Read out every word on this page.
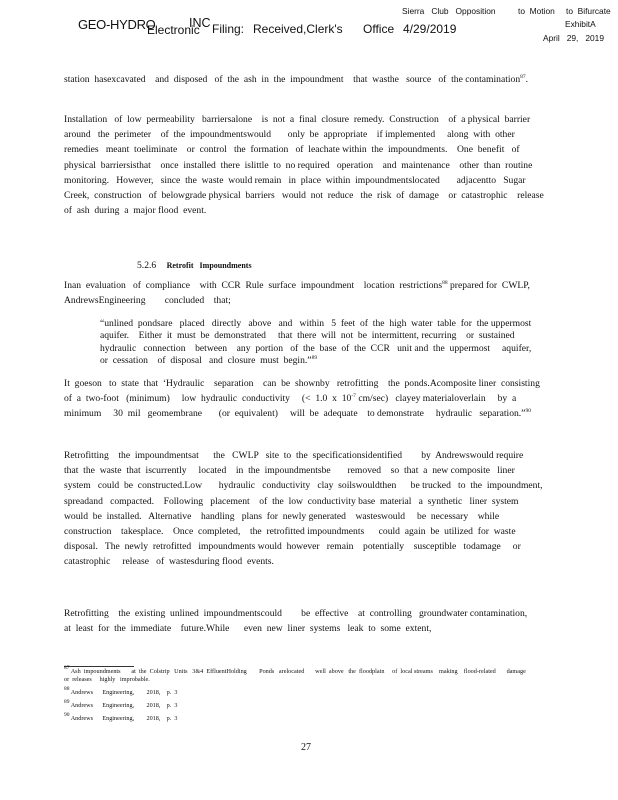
GEO-HYDRO	INC
Electronic Filing: Received,Clerk's Office 4/29/2019
Sierra   Club   Opposition	to  Motion to  Bifurcate
ExhibitA
April   29,   2019

station  hasexcavated    and  disposed   of  the  ash  in  the  impoundment    that  wasthe   source   of  the contamination$^{87}$.

Installation   of  low  permeability   barriersalone    is  not  a  final  closure  remedy.  Construction    of  a physical  barrier  around   the  perimeter    of  the  impoundmentswould       only  be  appropriate    if implemented     along  with  other  remedies   meant  toeliminate    or  control   the  formation   of  leachate within  the  impoundments.    One  benefit   of  physical  barriersisthat    once  installed  there  islittle  to  no required   operation    and  maintenance    other  than  routine  monitoring.   However,   since  the  waste  would remain   in  place  within  impoundmentslocated       adjacentto   Sugar  Creek,  construction   of  belowgrade physical  barriers   would  not  reduce   the  risk  of  damage    or  catastrophic    release   of  ash  during  a  major flood  event.

5.2.6 Retrofit   Impoundments

Inan  evaluation   of  compliance    with  CCR  Rule  surface  impoundment    location  restrictions$^{88}$ prepared for  CWLP,  AndrewsEngineering        concluded    that;

“unlined  pondsare   placed   directly   above   and   within   5  feet  of  the  high  water  table  for  the uppermost    aquifer.    Either  it  must  be  demonstrated     that  there  will  not  be  intermittent, recurring    or  sustained   hydraulic   connection    between    any  portion   of  the  base  of  the  CCR   unit and  the  uppermost     aquifer,    or  cessation    of  disposal   and  closure  must  begin.”$^{89}$

It  goeson   to  state  that  ‘Hydraulic    separation    can  be  shownby   retrofitting    the  ponds.Acomposite liner  consisting   of  a  two-foot   (minimum)     low  hydraulic  conductivity     (<  1.0  x  $10^{-7}$ cm/sec)   clayey materialoverlain     by  a  minimum     30  mil   geomembrane       (or  equivalent)     will  be  adequate    to demonstrate     hydraulic   separation.”$^{90}$

Retrofitting    the  impoundmentsat      the   CWLP   site  to  the  specificationsidentified        by  Andrewswould require   that  the  waste  that  iscurrently     located    in  the  impoundmentsbe       removed    so  that  a  new composite   liner  system   could  be  constructed.Low       hydraulic   conductivity   clay  soilswouldthen      be trucked   to  the  impoundment,     spreadand   compacted.    Following   placement    of  the  low  conductivity base  material   a  synthetic   liner  system   would  be  installed.   Alternative    handling   plans  for  newly generated    wasteswould     be  necessary    while  construction    takesplace.    Once  completed,    the  retrofitted impoundments      could  again  be  utilized  for  waste  disposal.   The  newly  retrofitted   impoundments would  however   remain    potentially    susceptible   todamage     or  catastrophic     release   of  wastesduring flood  events.

Retrofitting    the  existing  unlined  impoundmentscould        be  effective    at  controlling   groundwater contamination,      at  least  for  the  immediate    future.While      even  new  liner  systems   leak  to  some  extent,

$^{87}$ Ash  impoundments       at  the  Colstrip   Units   3&4  EffluentHolding        Ponds   arelocated       well  above   the  floodplain     of  local streams    making    flood-related       damage     or  releases     highly   improbable.

$^{88}$ Andrews      Engineering,        2018,    p.  3

$^{89}$ Andrews      Engineering,        2018,    p.  3

$^{90}$ Andrews      Engineering,        2018,    p.  3

27
